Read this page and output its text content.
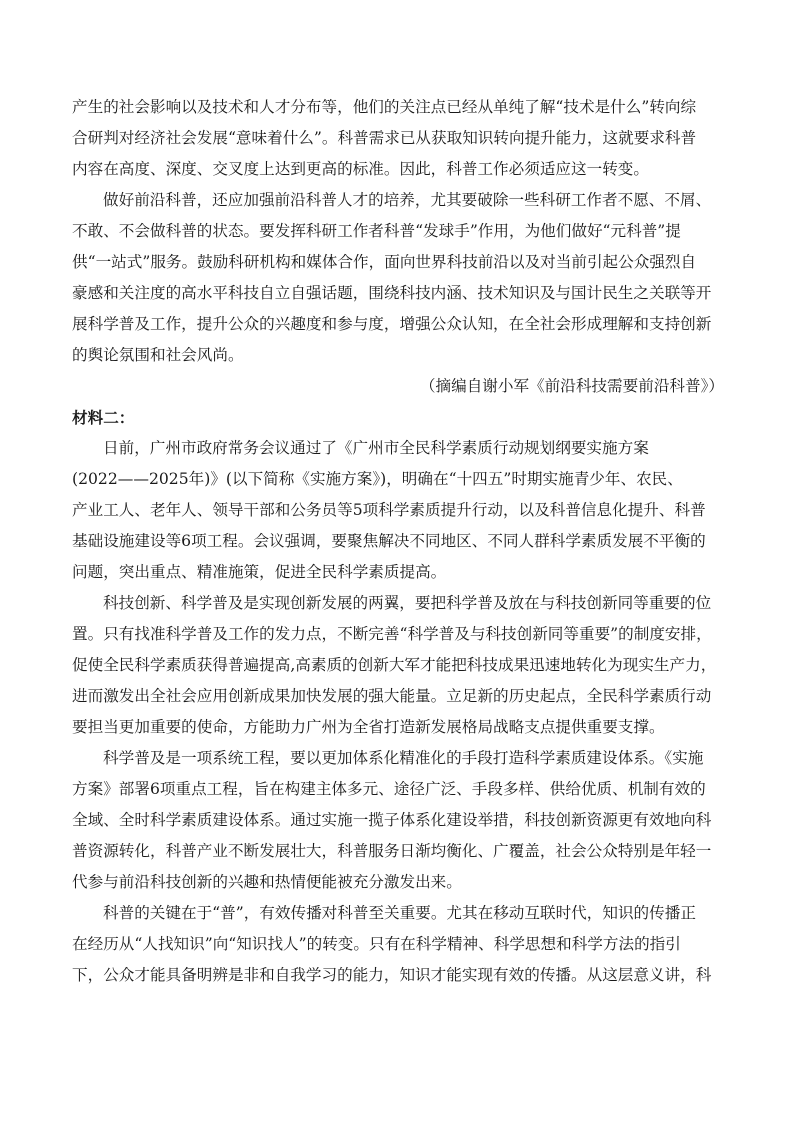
产生的社会影响以及技术和人才分布等，他们的关注点已经从单纯了解“技术是什么”转向综
合研判对经济社会发展“意味着什么”。科普需求已从获取知识转向提升能力，这就要求科普
内容在高度、深度、交叉度上达到更高的标准。因此，科普工作必须适应这一转变。
做好前沿科普，还应加强前沿科普人才的培养，尤其要破除一些科研工作者不愿、不屑、
不敢、不会做科普的状态。要发挥科研工作者科普“发球手”作用，为他们做好“元科普”提
供“一站式”服务。鼓励科研机构和媒体合作，面向世界科技前沿以及对当前引起公众强烈自
豪感和关注度的高水平科技自立自强话题，围绕科技内涵、技术知识及与国计民生之关联等开
展科学普及工作，提升公众的兴趣度和参与度，增强公众认知，在全社会形成理解和支持创新
的舆论氛围和社会风尚。

（摘编自谢小军《前沿科技需要前沿科普》）

材料二：

日前，广州市政府常务会议通过了《广州市全民科学素质行动规划纲要实施方案
(2022——2025年)》(以下简称《实施方案》)，明确在“十四五”时期实施青少年、农民、
产业工人、老年人、领导干部和公务员等5项科学素质提升行动，以及科普信息化提升、科普
基础设施建设等6项工程。会议强调，要聚焦解决不同地区、不同人群科学素质发展不平衡的
问题，突出重点、精准施策，促进全民科学素质提高。
科技创新、科学普及是实现创新发展的两翼，要把科学普及放在与科技创新同等重要的位
置。只有找准科学普及工作的发力点，不断完善“科学普及与科技创新同等重要”的制度安排，
促使全民科学素质获得普遍提高,高素质的创新大军才能把科技成果迅速地转化为现实生产力，
进而激发出全社会应用创新成果加快发展的强大能量。立足新的历史起点，全民科学素质行动
要担当更加重要的使命，方能助力广州为全省打造新发展格局战略支点提供重要支撑。
科学普及是一项系统工程，要以更加体系化精准化的手段打造科学素质建设体系。《实施
方案》部署6项重点工程，旨在构建主体多元、途径广泛、手段多样、供给优质、机制有效的
全域、全时科学素质建设体系。通过实施一揽子体系化建设举措，科技创新资源更有效地向科
普资源转化，科普产业不断发展壮大，科普服务日渐均衡化、广覆盖，社会公众特别是年轻一
代参与前沿科技创新的兴趣和热情便能被充分激发出来。
科普的关键在于“普”，有效传播对科普至关重要。尤其在移动互联时代，知识的传播正
在经历从“人找知识”向“知识找人”的转变。只有在科学精神、科学思想和科学方法的指引
下，公众才能具备明辨是非和自我学习的能力，知识才能实现有效的传播。从这层意义讲，科
